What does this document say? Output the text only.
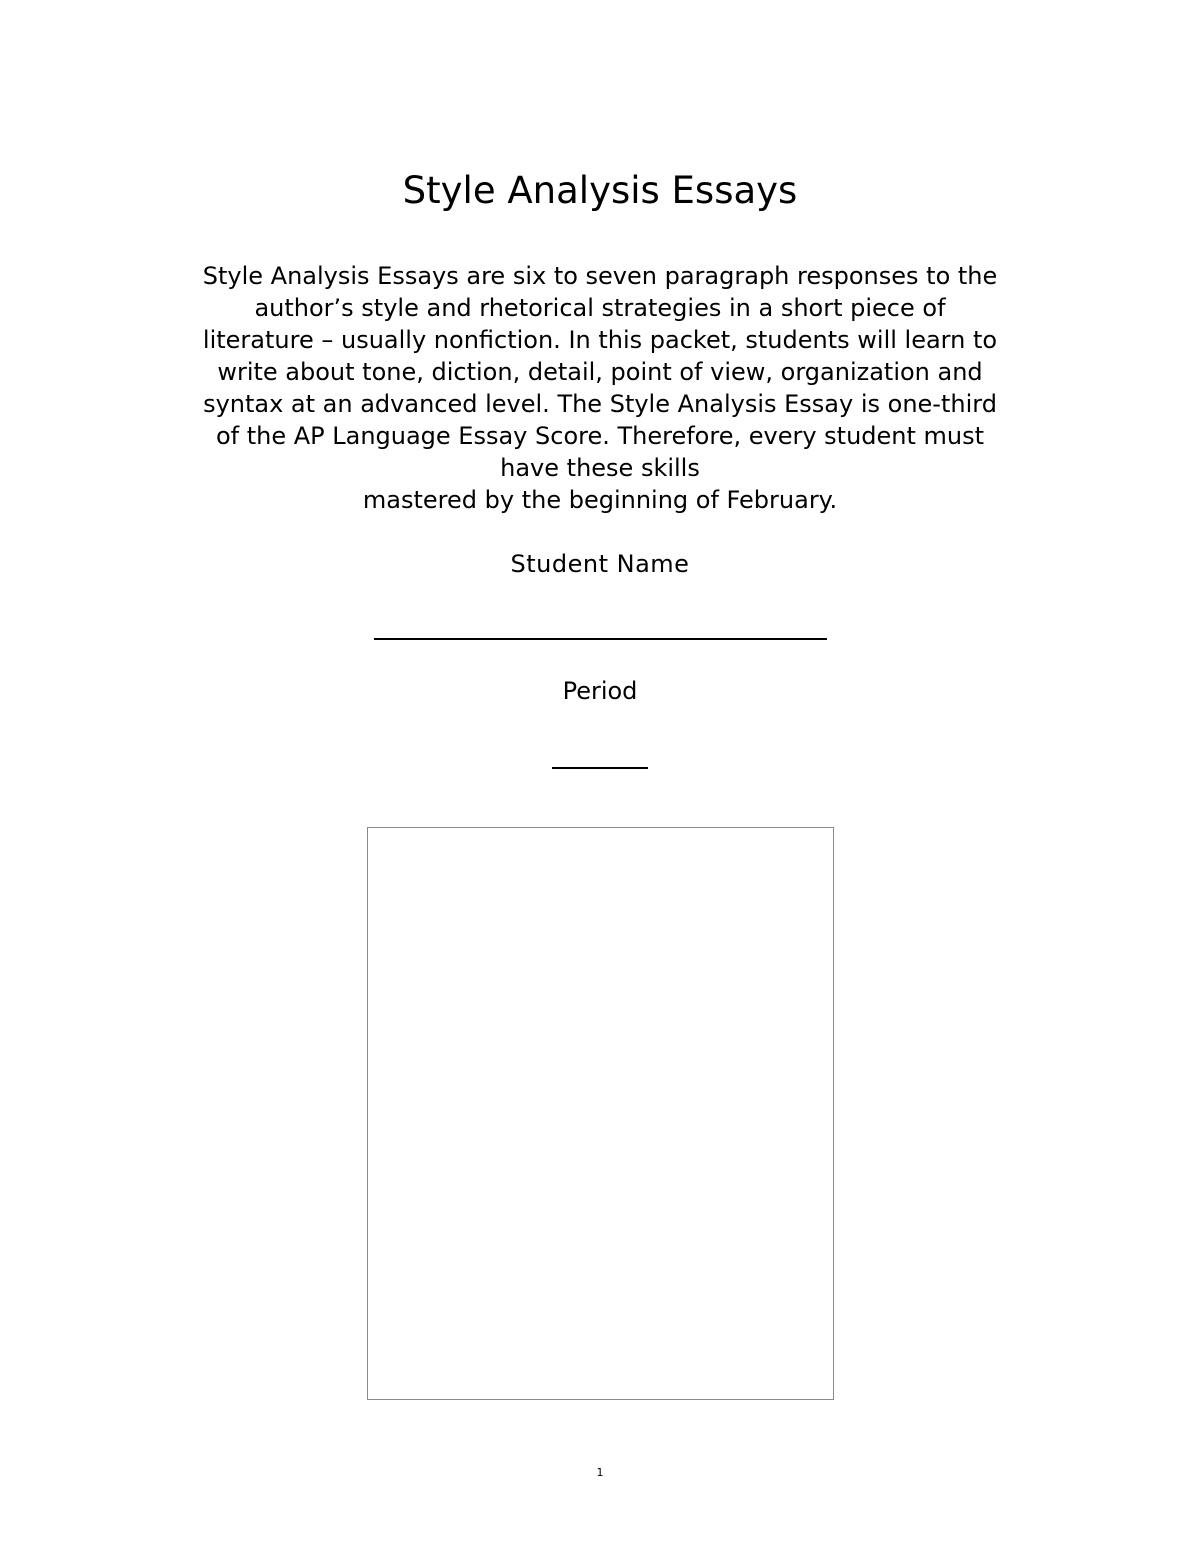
Style Analysis Essays
Style Analysis Essays are six to seven paragraph responses to the
author’s style and rhetorical strategies in a short piece of
literature – usually nonfiction. In this packet, students will learn to
write about tone, diction, detail, point of view, organization and
syntax at an advanced level. The Style Analysis Essay is one-third
of the AP Language Essay Score. Therefore, every student must
have these skills
mastered by the beginning of February.
Student Name
Period
1
